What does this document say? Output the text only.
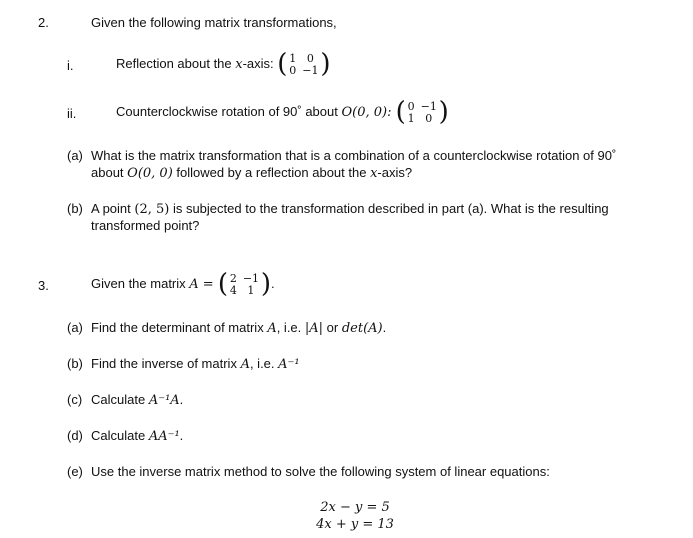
2.	Given the following matrix transformations,
i.	Reflection about the x-axis: ( 1	0
0	−1 )
ii.	Counterclockwise rotation of 90˚ about O(0, 0): ( 0	−1
1	0 )
(a) What is the matrix transformation that is a combination of a counterclockwise rotation of 90˚
about O(0, 0) followed by a reflection about the x-axis?
(b) A point (2, 5) is subjected to the transformation described in part (a). What is the resulting
transformed point?
3.	Given the matrix A = ( 2	−1
4	1 ) .
(a) Find the determinant of matrix A, i.e. |A| or det(A).
(b) Find the inverse of matrix A, i.e. A⁻¹
(c) Calculate A⁻¹A.
(d) Calculate AA⁻¹.
(e) Use the inverse matrix method to solve the following system of linear equations:
2x − y = 5
4x + y = 13
